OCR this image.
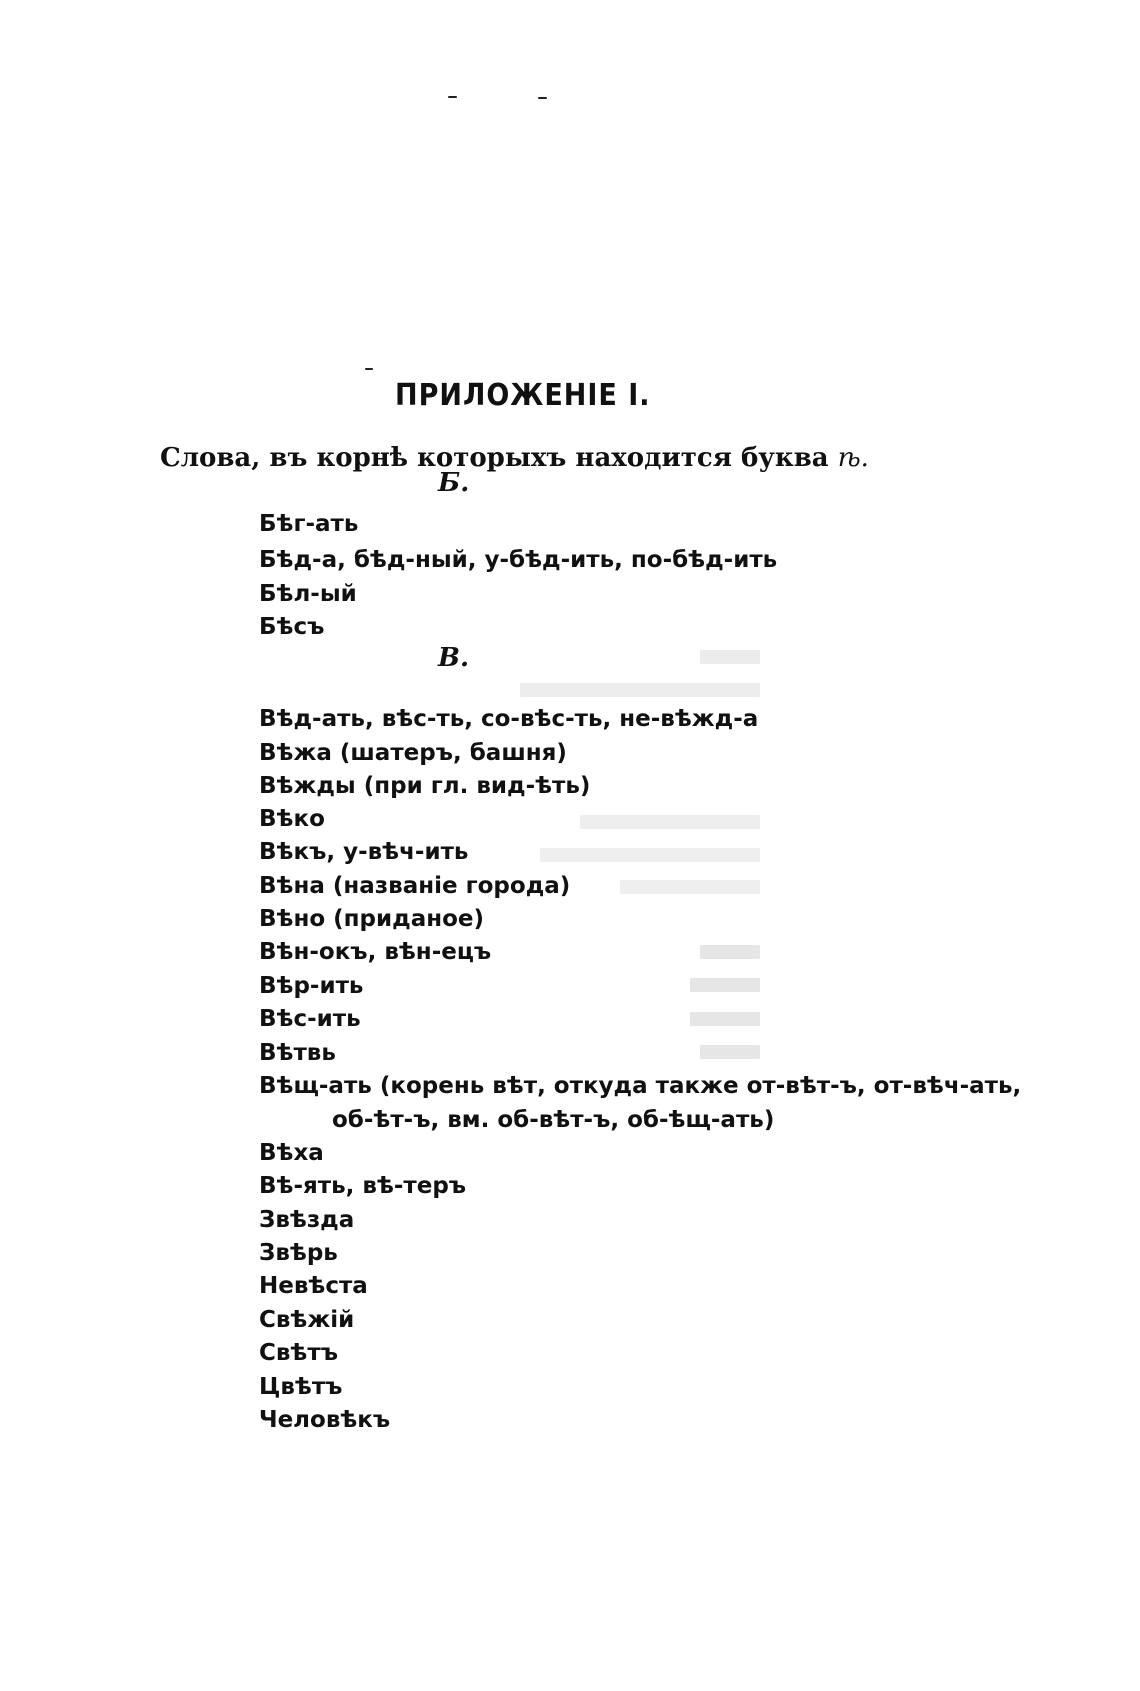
ПРИЛОЖЕНІЕ І.
Слова, въ корнѣ которыхъ находится буква ѣ.
Б.

Бѣг-ать

Бѣд-а, бѣд-ный, у-бѣд-ить, по-бѣд-ить

Бѣл-ый

Бѣсъ

В.

Вѣд-ать, вѣс-ть, со-вѣс-ть, не-вѣжд-а

Вѣжа (шатеръ, башня)

Вѣжды (при гл. вид-ѣть)

Вѣко

Вѣкъ, у-вѣч-ить

Вѣна (названіе города)

Вѣно (приданое)

Вѣн-окъ, вѣн-ецъ

Вѣр-ить

Вѣс-ить

Вѣтвь

Вѣщ-ать (корень вѣт, откуда также от-вѣт-ъ, от-вѣч-ать,

об-ѣт-ъ, вм. об-вѣт-ъ, об-ѣщ-ать)

Вѣха

Вѣ-ять, вѣ-теръ

Звѣзда

Звѣрь

Невѣста

Свѣжій

Свѣтъ

Цвѣтъ

Человѣкъ
